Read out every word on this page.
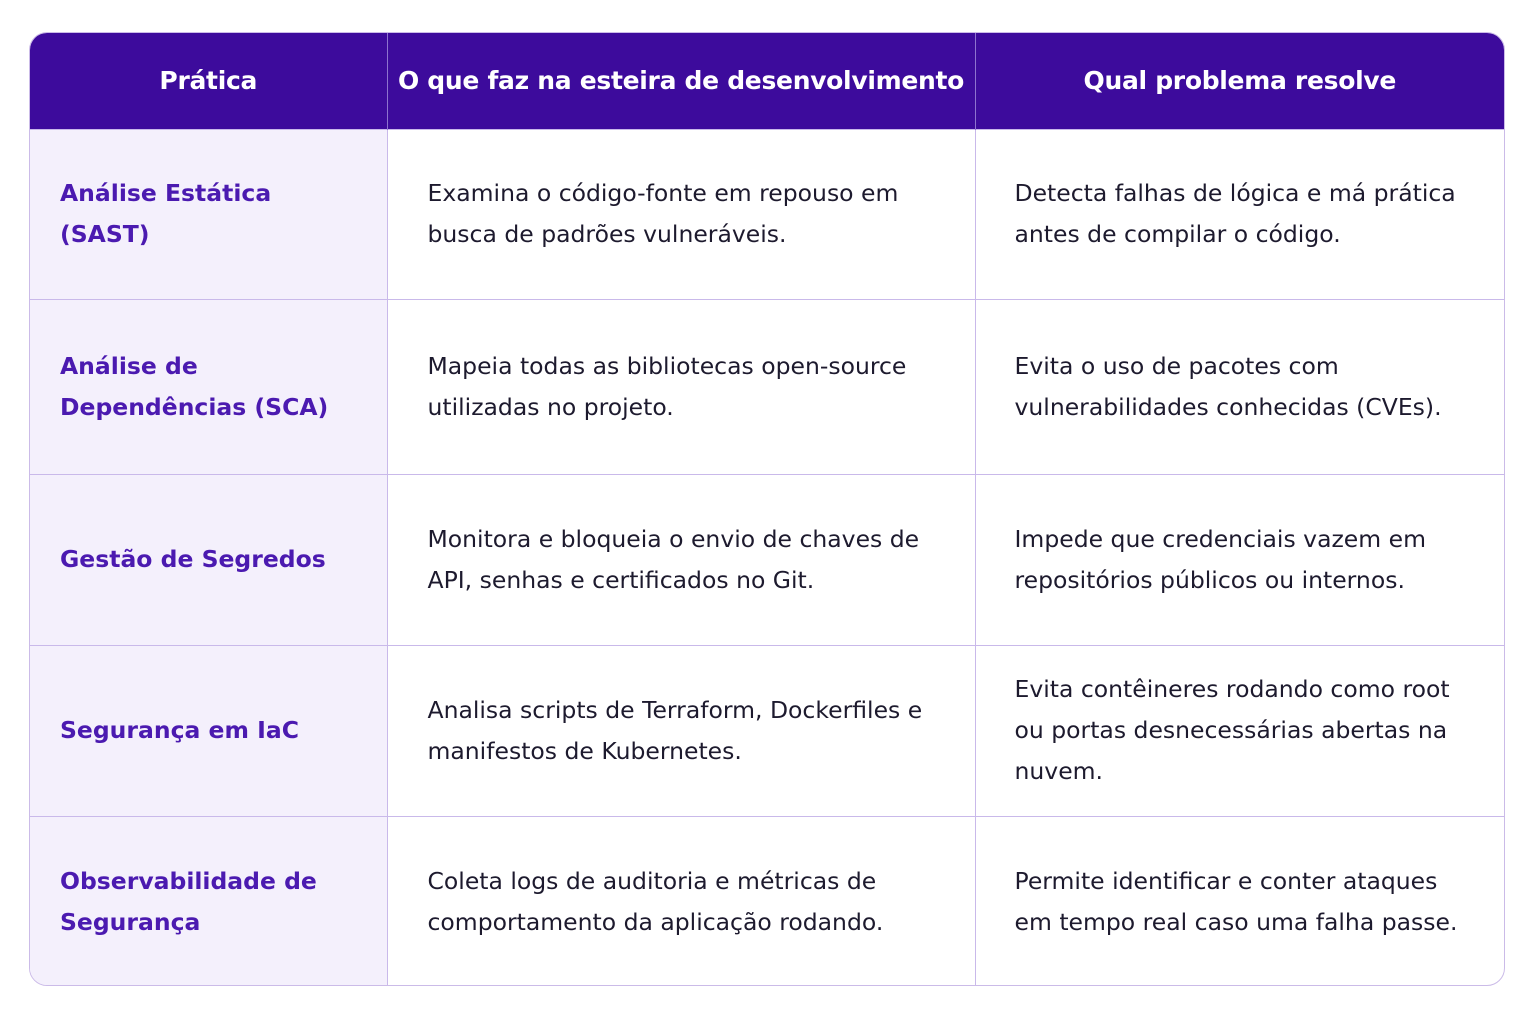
Prática	O que faz na esteira de desenvolvimento	Qual problema resolve
Análise Estática (SAST)	Examina o código-fonte em repouso em busca de padrões vulneráveis.	Detecta falhas de lógica e má prática antes de compilar o código.
Análise de Dependências (SCA)	Mapeia todas as bibliotecas open-source utilizadas no projeto.	Evita o uso de pacotes com vulnerabilidades conhecidas (CVEs).
Gestão de Segredos	Monitora e bloqueia o envio de chaves de API, senhas e certificados no Git.	Impede que credenciais vazem em repositórios públicos ou internos.
Segurança em IaC	Analisa scripts de Terraform, Dockerfiles e manifestos de Kubernetes.	Evita contêineres rodando como root ou portas desnecessárias abertas na nuvem.
Observabilidade de Segurança	Coleta logs de auditoria e métricas de comportamento da aplicação rodando.	Permite identificar e conter ataques em tempo real caso uma falha passe.
